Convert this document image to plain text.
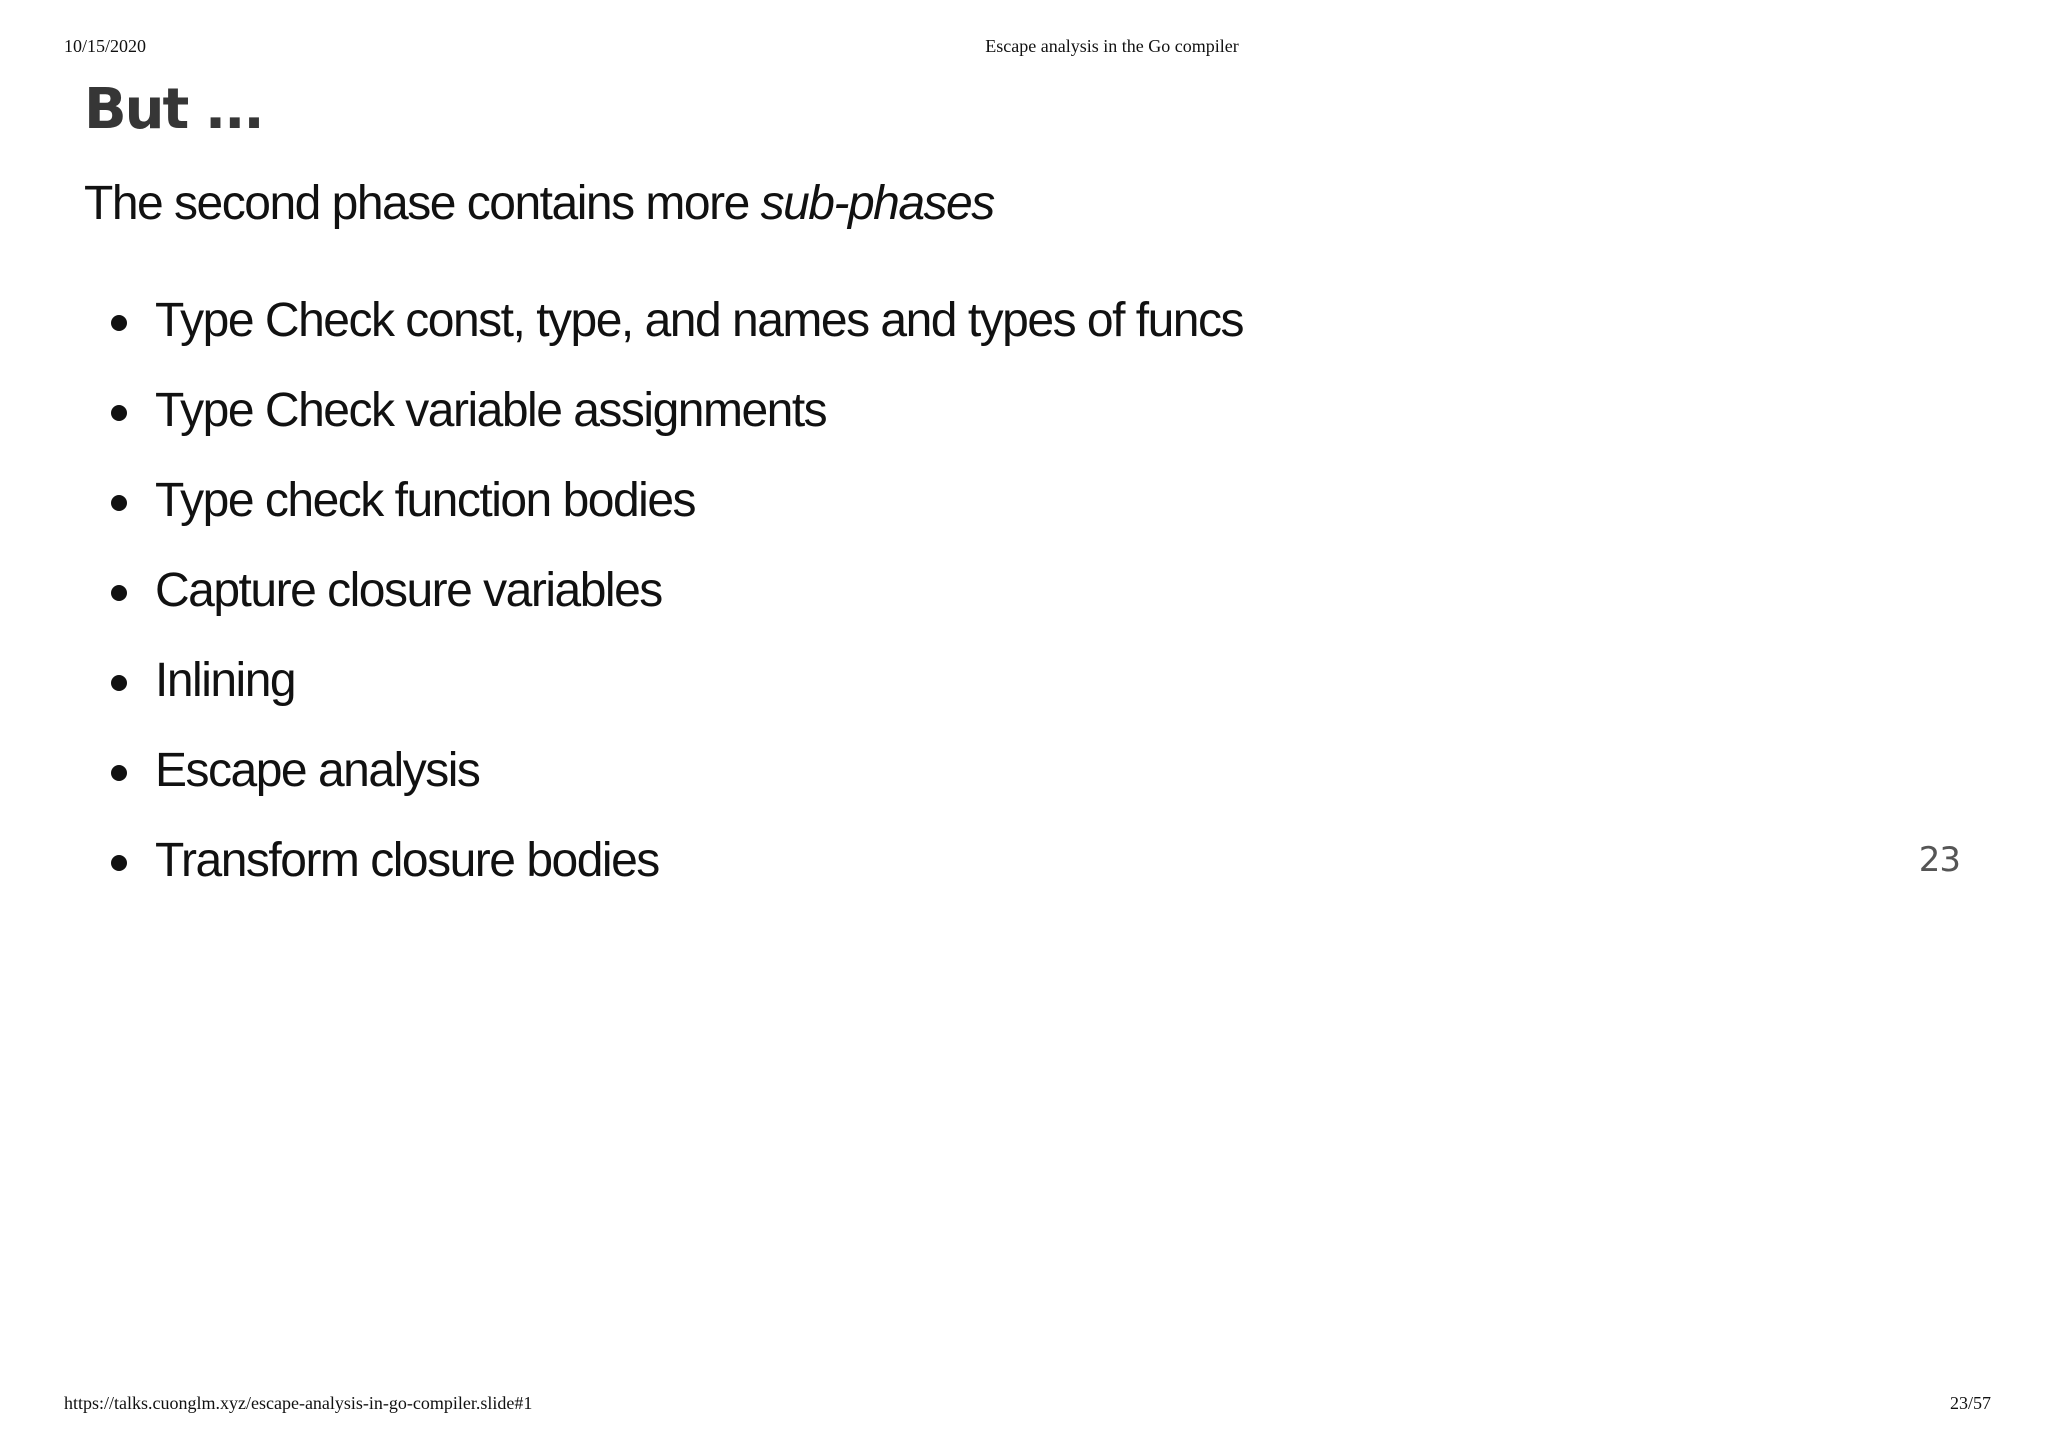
10/15/2020	Escape analysis in the Go compiler
But ...

The second phase contains more sub-phases

Type Check const, type, and names and types of funcs
Type Check variable assignments
Type check function bodies
Capture closure variables
Inlining
Escape analysis
Transform closure bodies	23
https://talks.cuonglm.xyz/escape-analysis-in-go-compiler.slide#1	23/57
